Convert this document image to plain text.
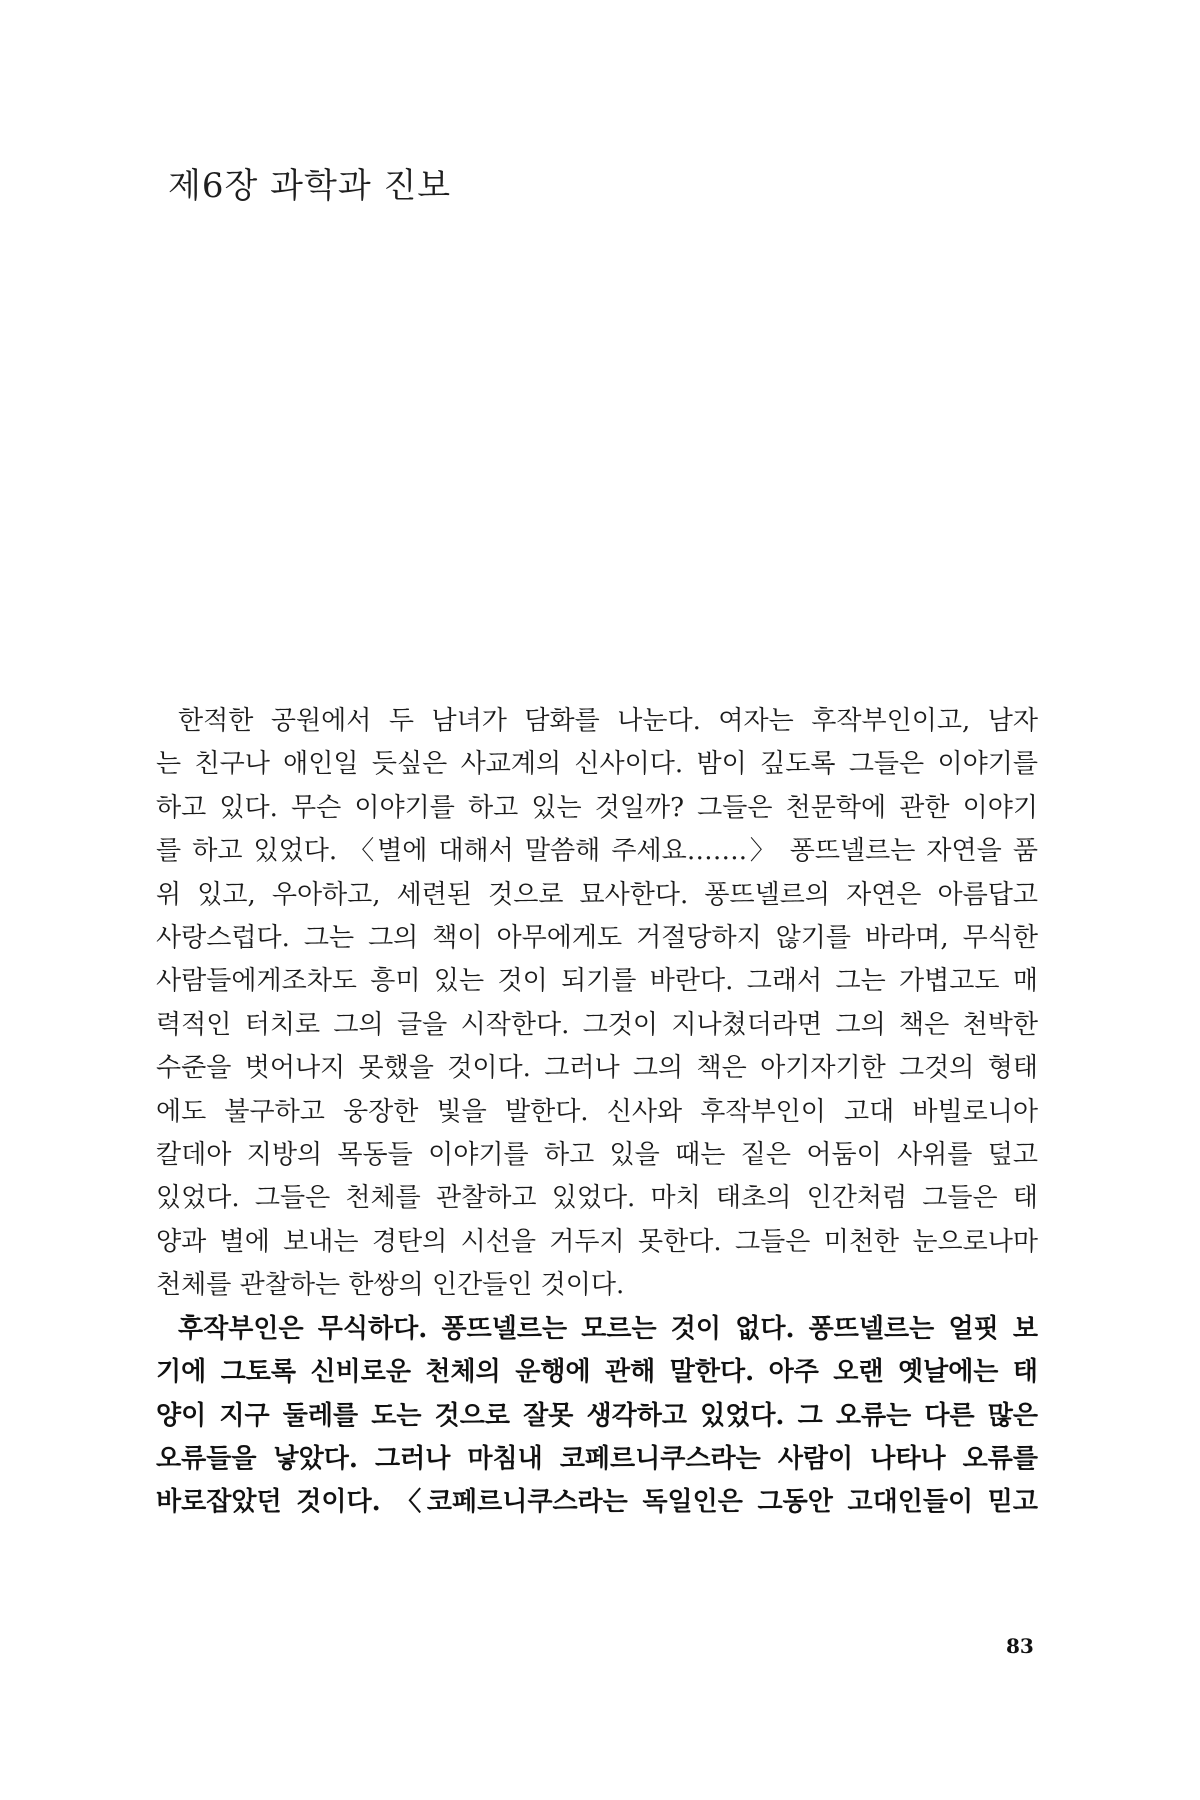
제6장 과학과 진보

한적한 공원에서 두 남녀가 담화를 나눈다. 여자는 후작부인이고, 남자
는 친구나 애인일 듯싶은 사교계의 신사이다. 밤이 깊도록 그들은 이야기를
하고 있다. 무슨 이야기를 하고 있는 것일까? 그들은 천문학에 관한 이야기
를 하고 있었다. 〈별에 대해서 말씀해 주세요…….〉 퐁뜨넬르는 자연을 품
위 있고, 우아하고, 세련된 것으로 묘사한다. 퐁뜨넬르의 자연은 아름답고
사랑스럽다. 그는 그의 책이 아무에게도 거절당하지 않기를 바라며, 무식한
사람들에게조차도 흥미 있는 것이 되기를 바란다. 그래서 그는 가볍고도 매
력적인 터치로 그의 글을 시작한다. 그것이 지나쳤더라면 그의 책은 천박한
수준을 벗어나지 못했을 것이다. 그러나 그의 책은 아기자기한 그것의 형태
에도 불구하고 웅장한 빛을 발한다. 신사와 후작부인이 고대 바빌로니아
칼데아 지방의 목동들 이야기를 하고 있을 때는 짙은 어둠이 사위를 덮고
있었다. 그들은 천체를 관찰하고 있었다. 마치 태초의 인간처럼 그들은 태
양과 별에 보내는 경탄의 시선을 거두지 못한다. 그들은 미천한 눈으로나마
천체를 관찰하는 한쌍의 인간들인 것이다.

후작부인은 무식하다. 퐁뜨넬르는 모르는 것이 없다. 퐁뜨넬르는 얼핏 보
기에 그토록 신비로운 천체의 운행에 관해 말한다. 아주 오랜 옛날에는 태
양이 지구 둘레를 도는 것으로 잘못 생각하고 있었다. 그 오류는 다른 많은
오류들을 낳았다. 그러나 마침내 코페르니쿠스라는 사람이 나타나 오류를
바로잡았던 것이다. 〈코페르니쿠스라는 독일인은 그동안 고대인들이 믿고

83
